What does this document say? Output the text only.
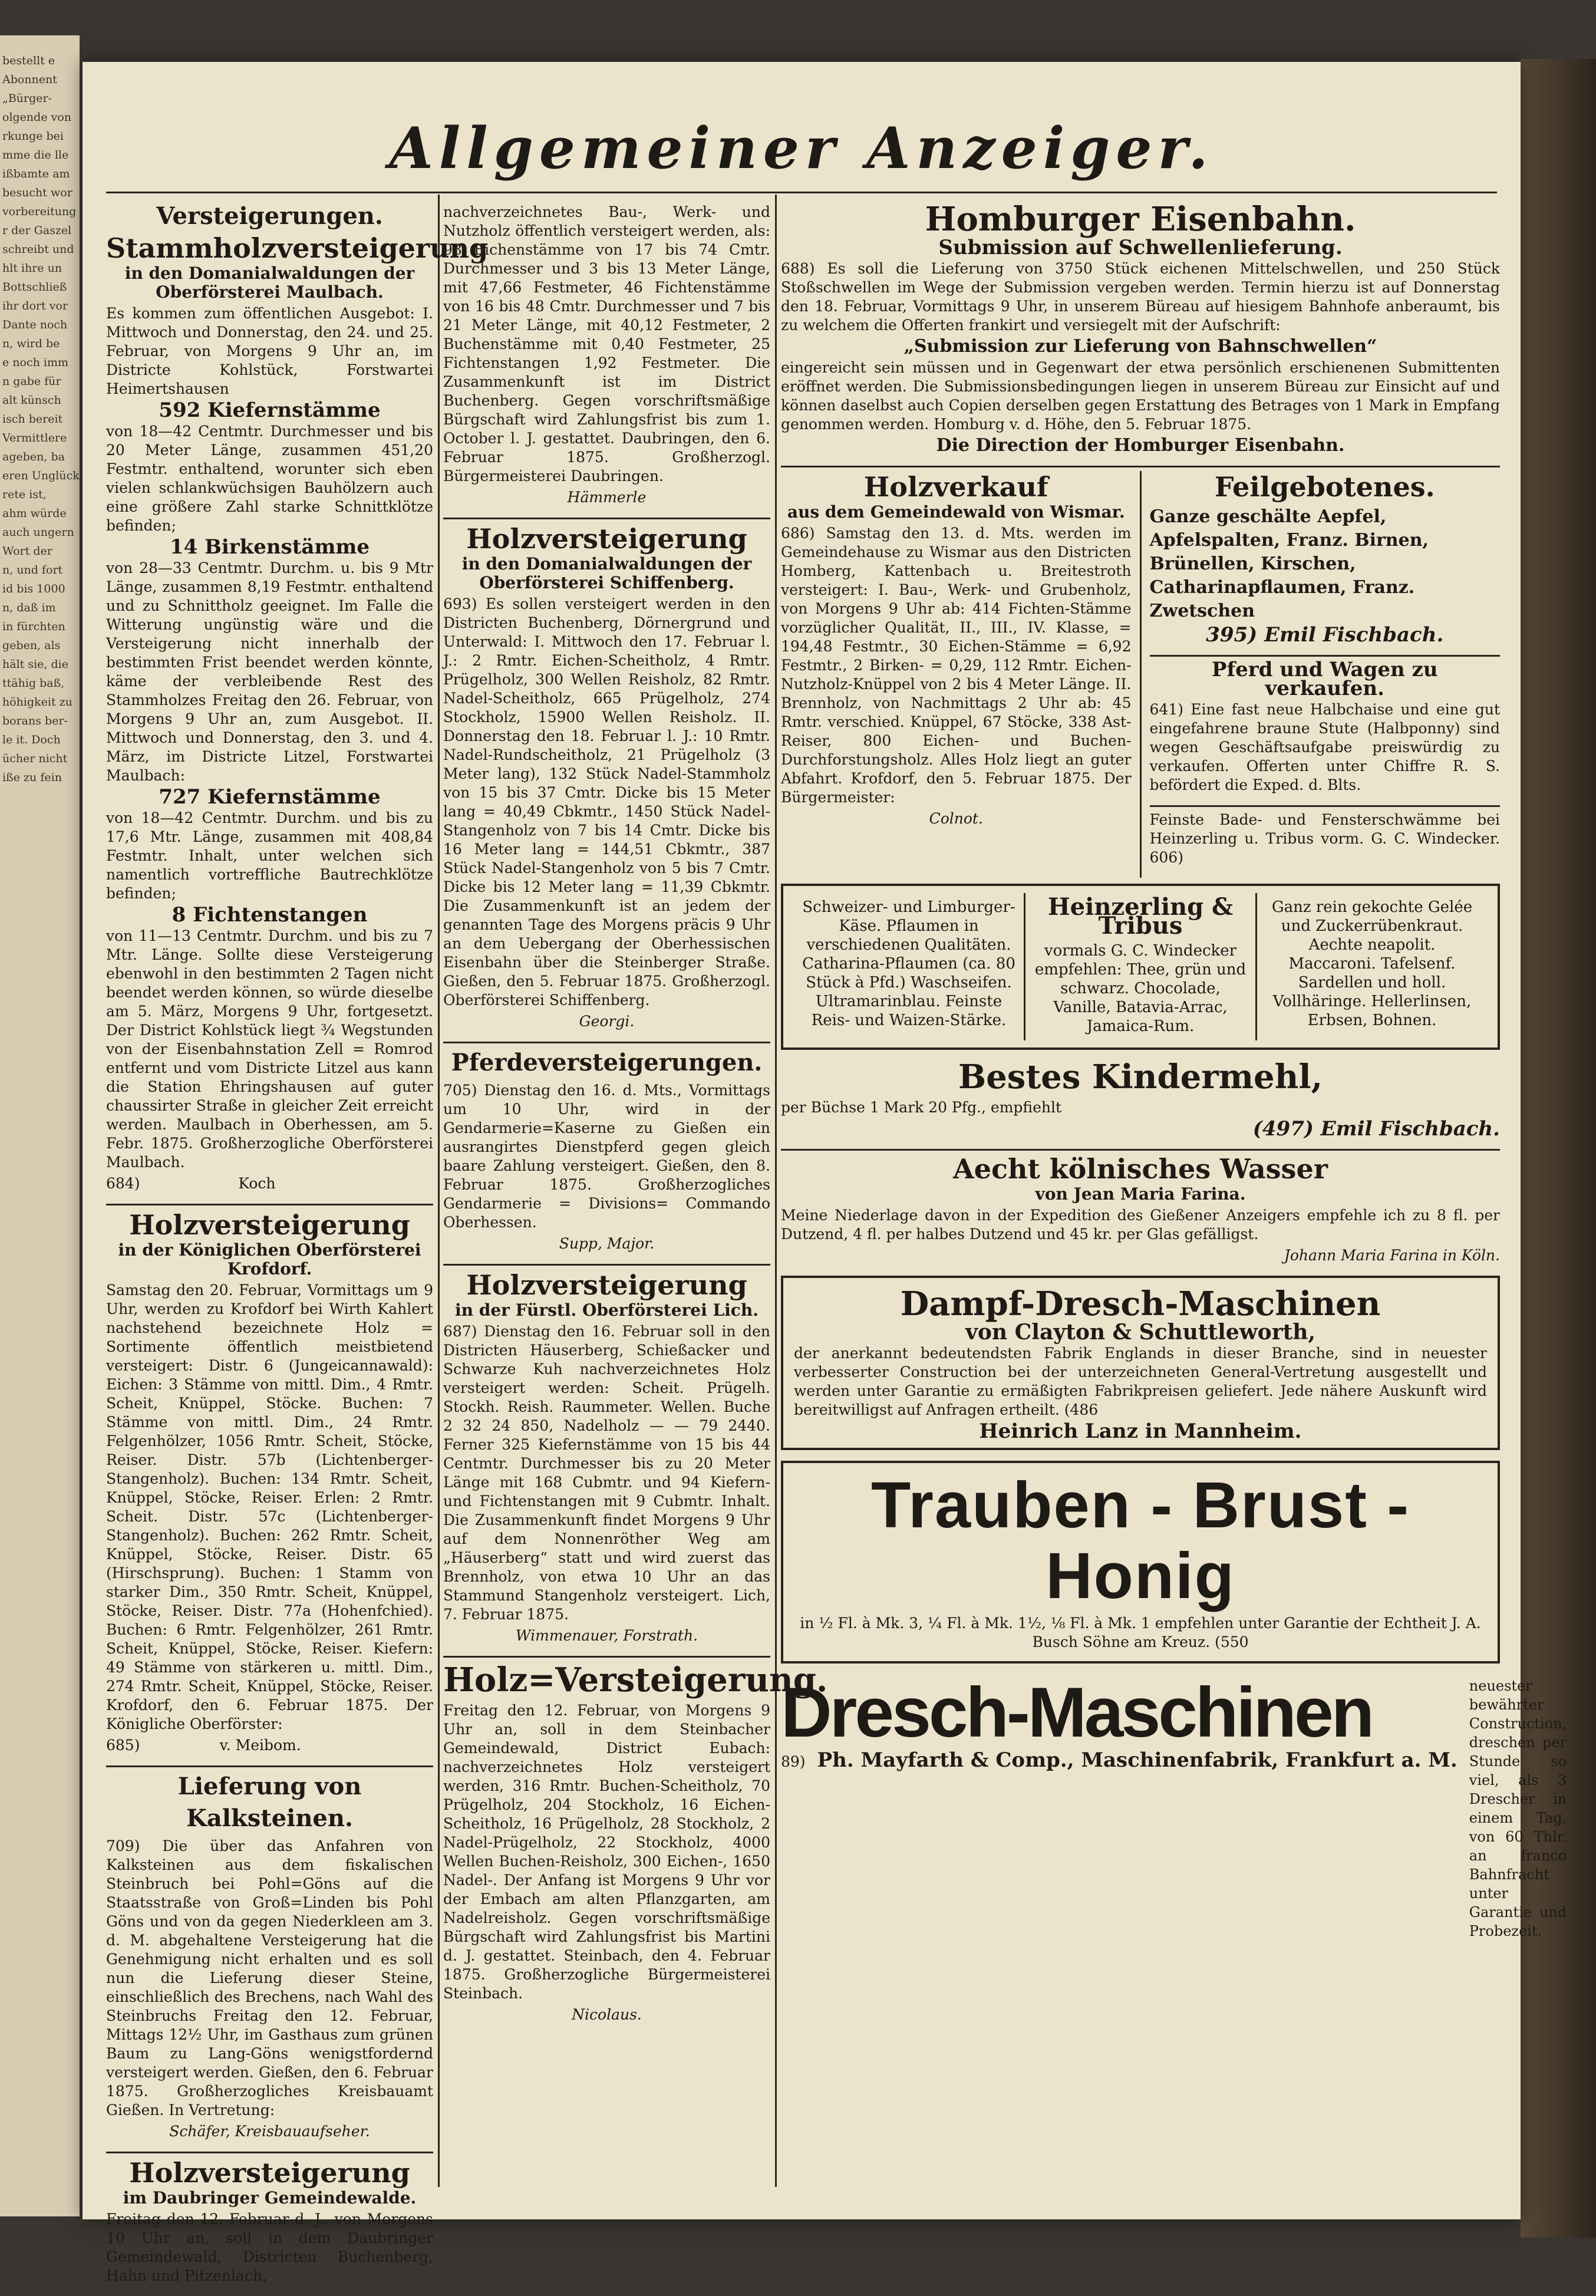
bestellt e
Abonnent
„Bürger-
olgende von
rkunge bei
mme die lle
ißbamte am
besucht wor
vorbereitung
r der Gaszel
schreibt und
hlt ihre un
Bottschließ
ihr dort vor
Dante noch
n, wird be
e noch imm
n gabe für
alt künsch
isch bereit
Vermittlere
ageben, ba
eren Unglück
rete ist,
ahm würde
auch ungern
Wort der
n, und fort
id bis 1000
n, daß im
in fürchten
geben, als
hält sie, die
ttähig baß,
höhigkeit zu
borans ber-
le it. Doch
ücher nicht
iße zu fein
Allgemeiner Anzeiger.
Versteigerungen.
Stammholzversteigerung
in den Domanialwaldungen der Oberförsterei Maulbach.

Es kommen zum öffentlichen Ausgebot: I. Mittwoch und Donnerstag, den 24. und 25. Februar, von Morgens 9 Uhr an, im Districte Kohlstück, Forstwartei Heimertshausen

592 Kiefernstämme

von 18—42 Centmtr. Durchmesser und bis 20 Meter Länge, zusammen 451,20 Festmtr. enthaltend, worunter sich eben vielen schlankwüchsigen Bauhölzern auch eine größere Zahl starke Schnittklötze befinden;

14 Birkenstämme

von 28—33 Centmtr. Durchm. u. bis 9 Mtr Länge, zusammen 8,19 Festmtr. enthaltend und zu Schnittholz geeignet. Im Falle die Witterung ungünstig wäre und die Versteigerung nicht innerhalb der bestimmten Frist beendet werden könnte, käme der verbleibende Rest des Stammholzes Freitag den 26. Februar, von Morgens 9 Uhr an, zum Ausgebot. II. Mittwoch und Donnerstag, den 3. und 4. März, im Districte Litzel, Forstwartei Maulbach:

727 Kiefernstämme

von 18—42 Centmtr. Durchm. und bis zu 17,6 Mtr. Länge, zusammen mit 408,84 Festmtr. Inhalt, unter welchen sich namentlich vortreffliche Bautrechklötze befinden;

8 Fichtenstangen

von 11—13 Centmtr. Durchm. und bis zu 7 Mtr. Länge. Sollte diese Versteigerung ebenwohl in den bestimmten 2 Tagen nicht beendet werden können, so würde dieselbe am 5. März, Morgens 9 Uhr, fortgesetzt. Der District Kohlstück liegt ¾ Wegstunden von der Eisenbahnstation Zell = Romrod entfernt und vom Districte Litzel aus kann die Station Ehringshausen auf guter chaussirter Straße in gleicher Zeit erreicht werden. Maulbach in Oberhessen, am 5. Febr. 1875. Großherzogliche Oberförsterei Maulbach.

684)                     Koch
Holzversteigerung
in der Königlichen Oberförsterei Krofdorf.

Samstag den 20. Februar, Vormittags um 9 Uhr, werden zu Krofdorf bei Wirth Kahlert nachstehend bezeichnete Holz = Sortimente öffentlich meistbietend versteigert: Distr. 6 (Jungeicannawald): Eichen: 3 Stämme von mittl. Dim., 4 Rmtr. Scheit, Knüppel, Stöcke. Buchen: 7 Stämme von mittl. Dim., 24 Rmtr. Felgenhölzer, 1056 Rmtr. Scheit, Stöcke, Reiser. Distr. 57b (Lichtenberger-Stangenholz). Buchen: 134 Rmtr. Scheit, Knüppel, Stöcke, Reiser. Erlen: 2 Rmtr. Scheit. Distr. 57c (Lichtenberger-Stangenholz). Buchen: 262 Rmtr. Scheit, Knüppel, Stöcke, Reiser. Distr. 65 (Hirschsprung). Buchen: 1 Stamm von starker Dim., 350 Rmtr. Scheit, Knüppel, Stöcke, Reiser. Distr. 77a (Hohenfchied). Buchen: 6 Rmtr. Felgenhölzer, 261 Rmtr. Scheit, Knüppel, Stöcke, Reiser. Kiefern: 49 Stämme von stärkeren u. mittl. Dim., 274 Rmtr. Scheit, Knüppel, Stöcke, Reiser. Krofdorf, den 6. Februar 1875. Der Königliche Oberförster:

685)                 v. Meibom.
Lieferung von Kalksteinen.

709) Die über das Anfahren von Kalksteinen aus dem fiskalischen Steinbruch bei Pohl=Göns auf die Staatsstraße von Groß=Linden bis Pohl Göns und von da gegen Niederkleen am 3. d. M. abgehaltene Versteigerung hat die Genehmigung nicht erhalten und es soll nun die Lieferung dieser Steine, einschließlich des Brechens, nach Wahl des Steinbruchs Freitag den 12. Februar, Mittags 12½ Uhr, im Gasthaus zum grünen Baum zu Lang-Göns wenigstfordernd versteigert werden. Gießen, den 6. Februar 1875. Großherzogliches Kreisbauamt Gießen. In Vertretung:

Schäfer, Kreisbauaufseher.
Holzversteigerung
im Daubringer Gemeindewalde.

Freitag den 12. Februar d. J., von Morgens 10 Uhr an, soll in dem Daubringer Gemeindewald, Districten Buchenberg, Hahn und Pitzenlach,

nachverzeichnetes Bau-, Werk- und Nutzholz öffentlich versteigert werden, als: 98 Eichenstämme von 17 bis 74 Cmtr. Durchmesser und 3 bis 13 Meter Länge, mit 47,66 Festmeter, 46 Fichtenstämme von 16 bis 48 Cmtr. Durchmesser und 7 bis 21 Meter Länge, mit 40,12 Festmeter, 2 Buchenstämme mit 0,40 Festmeter, 25 Fichtenstangen 1,92 Festmeter. Die Zusammenkunft ist im District Buchenberg. Gegen vorschriftsmäßige Bürgschaft wird Zahlungsfrist bis zum 1. October l. J. gestattet. Daubringen, den 6. Februar 1875. Großherzogl. Bürgermeisterei Daubringen.

Hämmerle
Holzversteigerung
in den Domanialwaldungen der Oberförsterei Schiffenberg.

693) Es sollen versteigert werden in den Districten Buchenberg, Dörnergrund und Unterwald: I. Mittwoch den 17. Februar l. J.: 2 Rmtr. Eichen-Scheitholz, 4 Rmtr. Prügelholz, 300 Wellen Reisholz, 82 Rmtr. Nadel-Scheitholz, 665 Prügelholz, 274 Stockholz, 15900 Wellen Reisholz. II. Donnerstag den 18. Februar l. J.: 10 Rmtr. Nadel-Rundscheitholz, 21 Prügelholz (3 Meter lang), 132 Stück Nadel-Stammholz von 15 bis 37 Cmtr. Dicke bis 15 Meter lang = 40,49 Cbkmtr., 1450 Stück Nadel-Stangenholz von 7 bis 14 Cmtr. Dicke bis 16 Meter lang = 144,51 Cbkmtr., 387 Stück Nadel-Stangenholz von 5 bis 7 Cmtr. Dicke bis 12 Meter lang = 11,39 Cbkmtr. Die Zusammenkunft ist an jedem der genannten Tage des Morgens präcis 9 Uhr an dem Uebergang der Oberhessischen Eisenbahn über die Steinberger Straße. Gießen, den 5. Februar 1875. Großherzogl. Oberförsterei Schiffenberg.

Georgi.
Pferdeversteigerungen.

705) Dienstag den 16. d. Mts., Vormittags um 10 Uhr, wird in der Gendarmerie=Kaserne zu Gießen ein ausrangirtes Dienstpferd gegen gleich baare Zahlung versteigert. Gießen, den 8. Februar 1875. Großherzogliches Gendarmerie = Divisions= Commando Oberhessen.

Supp, Major.
Holzversteigerung
in der Fürstl. Oberförsterei Lich.

687) Dienstag den 16. Februar soll in den Districten Häuserberg, Schießacker und Schwarze Kuh nachverzeichnetes Holz versteigert werden: Scheit. Prügelh. Stockh. Reish. Raummeter. Wellen. Buche 2 32 24 850, Nadelholz — — 79 2440. Ferner 325 Kiefernstämme von 15 bis 44 Centmtr. Durchmesser bis zu 20 Meter Länge mit 168 Cubmtr. und 94 Kiefern- und Fichtenstangen mit 9 Cubmtr. Inhalt. Die Zusammenkunft findet Morgens 9 Uhr auf dem Nonnenröther Weg am „Häuserberg“ statt und wird zuerst das Brennholz, von etwa 10 Uhr an das Stammund Stangenholz versteigert. Lich, 7. Februar 1875.

Wimmenauer, Forstrath.
Holz=Versteigerung.

Freitag den 12. Februar, von Morgens 9 Uhr an, soll in dem Steinbacher Gemeindewald, District Eubach: nachverzeichnetes Holz versteigert werden, 316 Rmtr. Buchen-Scheitholz, 70 Prügelholz, 204 Stockholz, 16 Eichen-Scheitholz, 16 Prügelholz, 28 Stockholz, 2 Nadel-Prügelholz, 22 Stockholz, 4000 Wellen Buchen-Reisholz, 300 Eichen-, 1650 Nadel-. Der Anfang ist Morgens 9 Uhr vor der Embach am alten Pflanzgarten, am Nadelreisholz. Gegen vorschriftsmäßige Bürgschaft wird Zahlungsfrist bis Martini d. J. gestattet. Steinbach, den 4. Februar 1875. Großherzogliche Bürgermeisterei Steinbach.

Nicolaus.
Homburger Eisenbahn.
Submission auf Schwellenlieferung.

688) Es soll die Lieferung von 3750 Stück eichenen Mittelschwellen, und 250 Stück Stoßschwellen im Wege der Submission vergeben werden. Termin hierzu ist auf Donnerstag den 18. Februar, Vormittags 9 Uhr, in unserem Büreau auf hiesigem Bahnhofe anberaumt, bis zu welchem die Offerten frankirt und versiegelt mit der Aufschrift:

„Submission zur Lieferung von Bahnschwellen“

eingereicht sein müssen und in Gegenwart der etwa persönlich erschienenen Submittenten eröffnet werden. Die Submissionsbedingungen liegen in unserem Büreau zur Einsicht auf und können daselbst auch Copien derselben gegen Erstattung des Betrages von 1 Mark in Empfang genommen werden. Homburg v. d. Höhe, den 5. Februar 1875.

Die Direction der Homburger Eisenbahn.
Holzverkauf
aus dem Gemeindewald von Wismar.

686) Samstag den 13. d. Mts. werden im Gemeindehause zu Wismar aus den Districten Homberg, Kattenbach u. Breitestroth versteigert: I. Bau-, Werk- und Grubenholz, von Morgens 9 Uhr ab: 414 Fichten-Stämme vorzüglicher Qualität, II., III., IV. Klasse, = 194,48 Festmtr., 30 Eichen-Stämme = 6,92 Festmtr., 2 Birken- = 0,29, 112 Rmtr. Eichen-Nutzholz-Knüppel von 2 bis 4 Meter Länge. II. Brennholz, von Nachmittags 2 Uhr ab: 45 Rmtr. verschied. Knüppel, 67 Stöcke, 338 Ast-Reiser, 800 Eichen- und Buchen-Durchforstungsholz. Alles Holz liegt an guter Abfahrt. Krofdorf, den 5. Februar 1875. Der Bürgermeister:

Colnot.
Feilgebotenes.

Ganze geschälte Aepfel, Apfelspalten, Franz. Birnen, Brünellen, Kirschen, Catharinapflaumen, Franz. Zwetschen

395) Emil Fischbach.
Pferd und Wagen zu verkaufen.

641) Eine fast neue Halbchaise und eine gut eingefahrene braune Stute (Halbponny) sind wegen Geschäftsaufgabe preiswürdig zu verkaufen. Offerten unter Chiffre R. S. befördert die Exped. d. Blts.

Feinste Bade- und Fensterschwämme bei Heinzerling u. Tribus vorm. G. C. Windecker. 606)

Schweizer- und Limburger-Käse. Pflaumen in verschiedenen Qualitäten. Catharina-Pflaumen (ca. 80 Stück à Pfd.) Waschseifen. Ultramarinblau. Feinste Reis- und Waizen-Stärke.
Heinzerling & Tribus
vormals G. C. Windecker empfehlen: Thee, grün und schwarz. Chocolade, Vanille, Batavia-Arrac, Jamaica-Rum.
Ganz rein gekochte Gelée und Zuckerrübenkraut. Aechte neapolit. Maccaroni. Tafelsenf. Sardellen und holl. Vollhäringe. Hellerlinsen, Erbsen, Bohnen.
Bestes Kindermehl,

per Büchse 1 Mark 20 Pfg., empfiehlt

(497) Emil Fischbach.
Aecht kölnisches Wasser
von Jean Maria Farina.

Meine Niederlage davon in der Expedition des Gießener Anzeigers empfehle ich zu 8 fl. per Dutzend, 4 fl. per halbes Dutzend und 45 kr. per Glas gefälligst.

Johann Maria Farina in Köln.
Dampf-Dresch-Maschinen
von Clayton & Schuttleworth,

der anerkannt bedeutendsten Fabrik Englands in dieser Branche, sind in neuester verbesserter Construction bei der unterzeichneten General-Vertretung ausgestellt und werden unter Garantie zu ermäßigten Fabrikpreisen geliefert. Jede nähere Auskunft wird bereitwilligst auf Anfragen ertheilt. (486

Heinrich Lanz in Mannheim.
Trauben - Brust - Honig

in ½ Fl. à Mk. 3, ¼ Fl. à Mk. 1½, ⅛ Fl. à Mk. 1 empfehlen unter Garantie der Echtheit J. A. Busch Söhne am Kreuz. (550

Dresch-Maschinen
89) Ph. Mayfarth & Comp., Maschinenfabrik, Frankfurt a. M.

neuester bewährter Construction, dreschen per Stunde so viel, als 3 Drescher in einem Tag, von 60 Thlr. an franco Bahnfracht unter Garantie und Probezeit.
